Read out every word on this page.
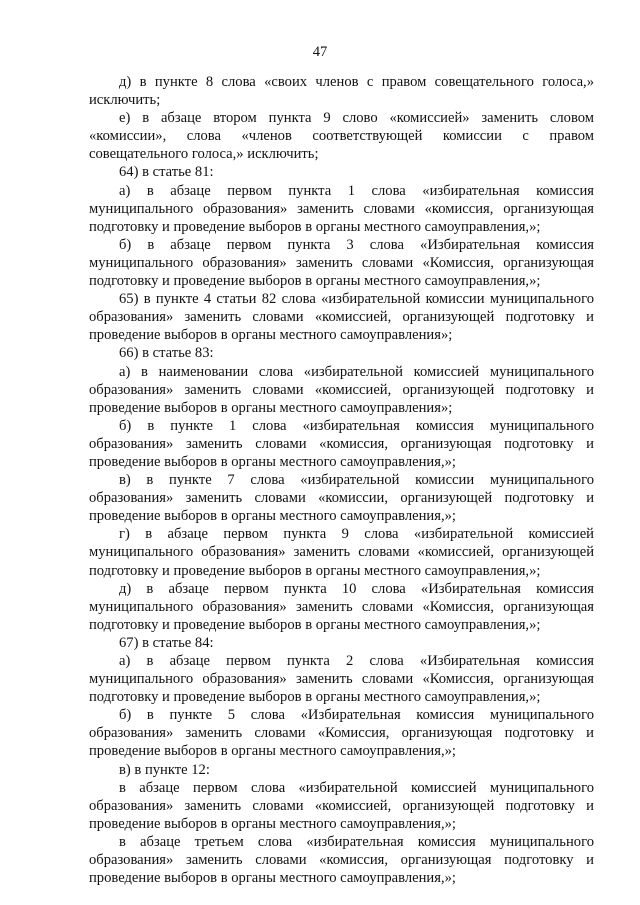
47

д) в пункте 8 слова «своих членов с правом совещательного голоса,» исключить;

е) в абзаце втором пункта 9 слово «комиссией» заменить словом «комиссии», слова «членов соответствующей комиссии с правом совещательного голоса,» исключить;

64) в статье 81:

а) в абзаце первом пункта 1 слова «избирательная комиссия муниципального образования» заменить словами «комиссия, организующая подготовку и проведение выборов в органы местного самоуправления,»;

б) в абзаце первом пункта 3 слова «Избирательная комиссия муниципального образования» заменить словами «Комиссия, организующая подготовку и проведение выборов в органы местного самоуправления,»;

65) в пункте 4 статьи 82 слова «избирательной комиссии муниципального образования» заменить словами «комиссией, организующей подготовку и проведение выборов в органы местного самоуправления»;

66) в статье 83:

а) в наименовании слова «избирательной комиссией муниципального образования» заменить словами «комиссией, организующей подготовку и проведение выборов в органы местного самоуправления»;

б) в пункте 1 слова «избирательная комиссия муниципального образования» заменить словами «комиссия, организующая подготовку и проведение выборов в органы местного самоуправления,»;

в) в пункте 7 слова «избирательной комиссии муниципального образования» заменить словами «комиссии, организующей подготовку и проведение выборов в органы местного самоуправления,»;

г) в абзаце первом пункта 9 слова «избирательной комиссией муниципального образования» заменить словами «комиссией, организующей подготовку и проведение выборов в органы местного самоуправления,»;

д) в абзаце первом пункта 10 слова «Избирательная комиссия муниципального образования» заменить словами «Комиссия, организующая подготовку и проведение выборов в органы местного самоуправления,»;

67) в статье 84:

а) в абзаце первом пункта 2 слова «Избирательная комиссия муниципального образования» заменить словами «Комиссия, организующая подготовку и проведение выборов в органы местного самоуправления,»;

б) в пункте 5 слова «Избирательная комиссия муниципального образования» заменить словами «Комиссия, организующая подготовку и проведение выборов в органы местного самоуправления,»;

в) в пункте 12:

в абзаце первом слова «избирательной комиссией муниципального образования» заменить словами «комиссией, организующей подготовку и проведение выборов в органы местного самоуправления,»;

в абзаце третьем слова «избирательная комиссия муниципального образования» заменить словами «комиссия, организующая подготовку и проведение выборов в органы местного самоуправления,»;
